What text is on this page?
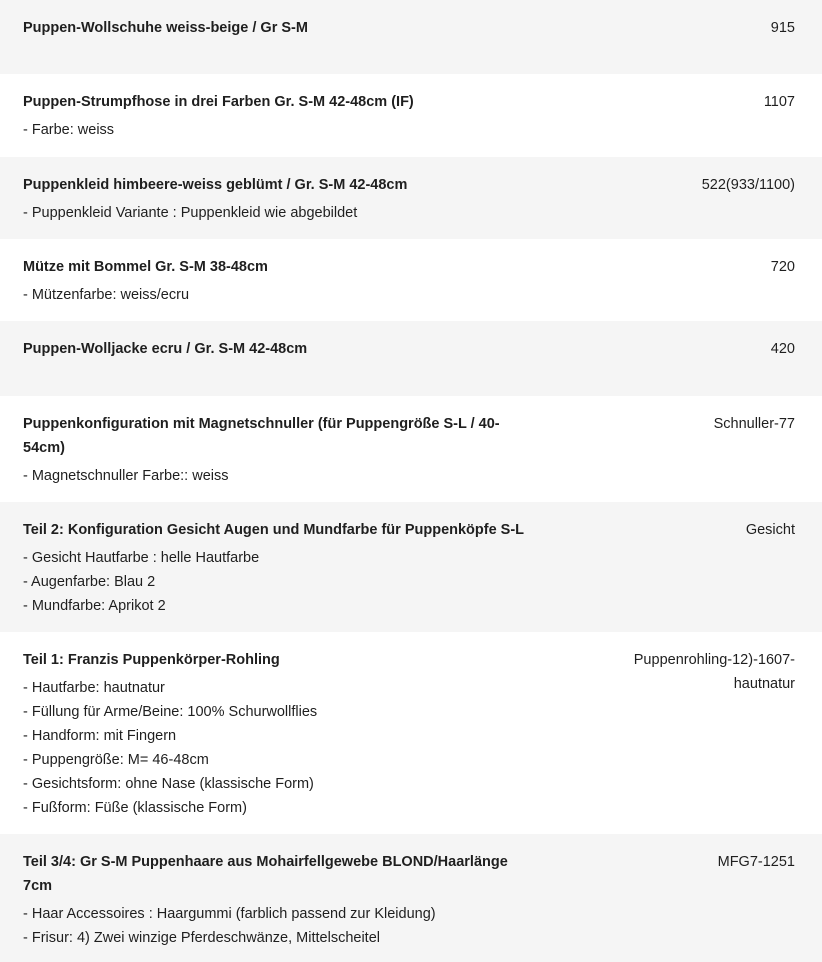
Puppen-Wollschuhe weiss-beige / Gr S-M	915
Puppen-Strumpfhose in drei Farben Gr. S-M 42-48cm (IF)
- Farbe: weiss
1107
Puppenkleid himbeere-weiss geblümt / Gr. S-M 42-48cm
- Puppenkleid Variante : Puppenkleid wie abgebildet
522(933/1100)
Mütze mit Bommel Gr. S-M 38-48cm
- Mützenfarbe: weiss/ecru
720
Puppen-Wolljacke ecru / Gr. S-M 42-48cm	420
Puppenkonfiguration mit Magnetschnuller (für Puppengröße S-L / 40-54cm)
- Magnetschnuller Farbe:: weiss
Schnuller-77
Teil 2: Konfiguration Gesicht Augen und Mundfarbe für Puppenköpfe S-L
- Gesicht Hautfarbe : helle Hautfarbe
- Augenfarbe: Blau 2
- Mundfarbe: Aprikot 2
Gesicht
Teil 1: Franzis Puppenkörper-Rohling
- Hautfarbe: hautnatur
- Füllung für Arme/Beine: 100% Schurwollflies
- Handform: mit Fingern
- Puppengröße: M= 46-48cm
- Gesichtsform: ohne Nase (klassische Form)
- Fußform: Füße (klassische Form)
Puppenrohling-12)-1607-hautnatur
Teil 3/4: Gr S-M Puppenhaare aus Mohairfellgewebe BLOND/Haarlänge 7cm
- Haar Accessoires : Haargummi (farblich passend zur Kleidung)
- Frisur: 4) Zwei winzige Pferdeschwänze, Mittelscheitel
MFG7-1251
